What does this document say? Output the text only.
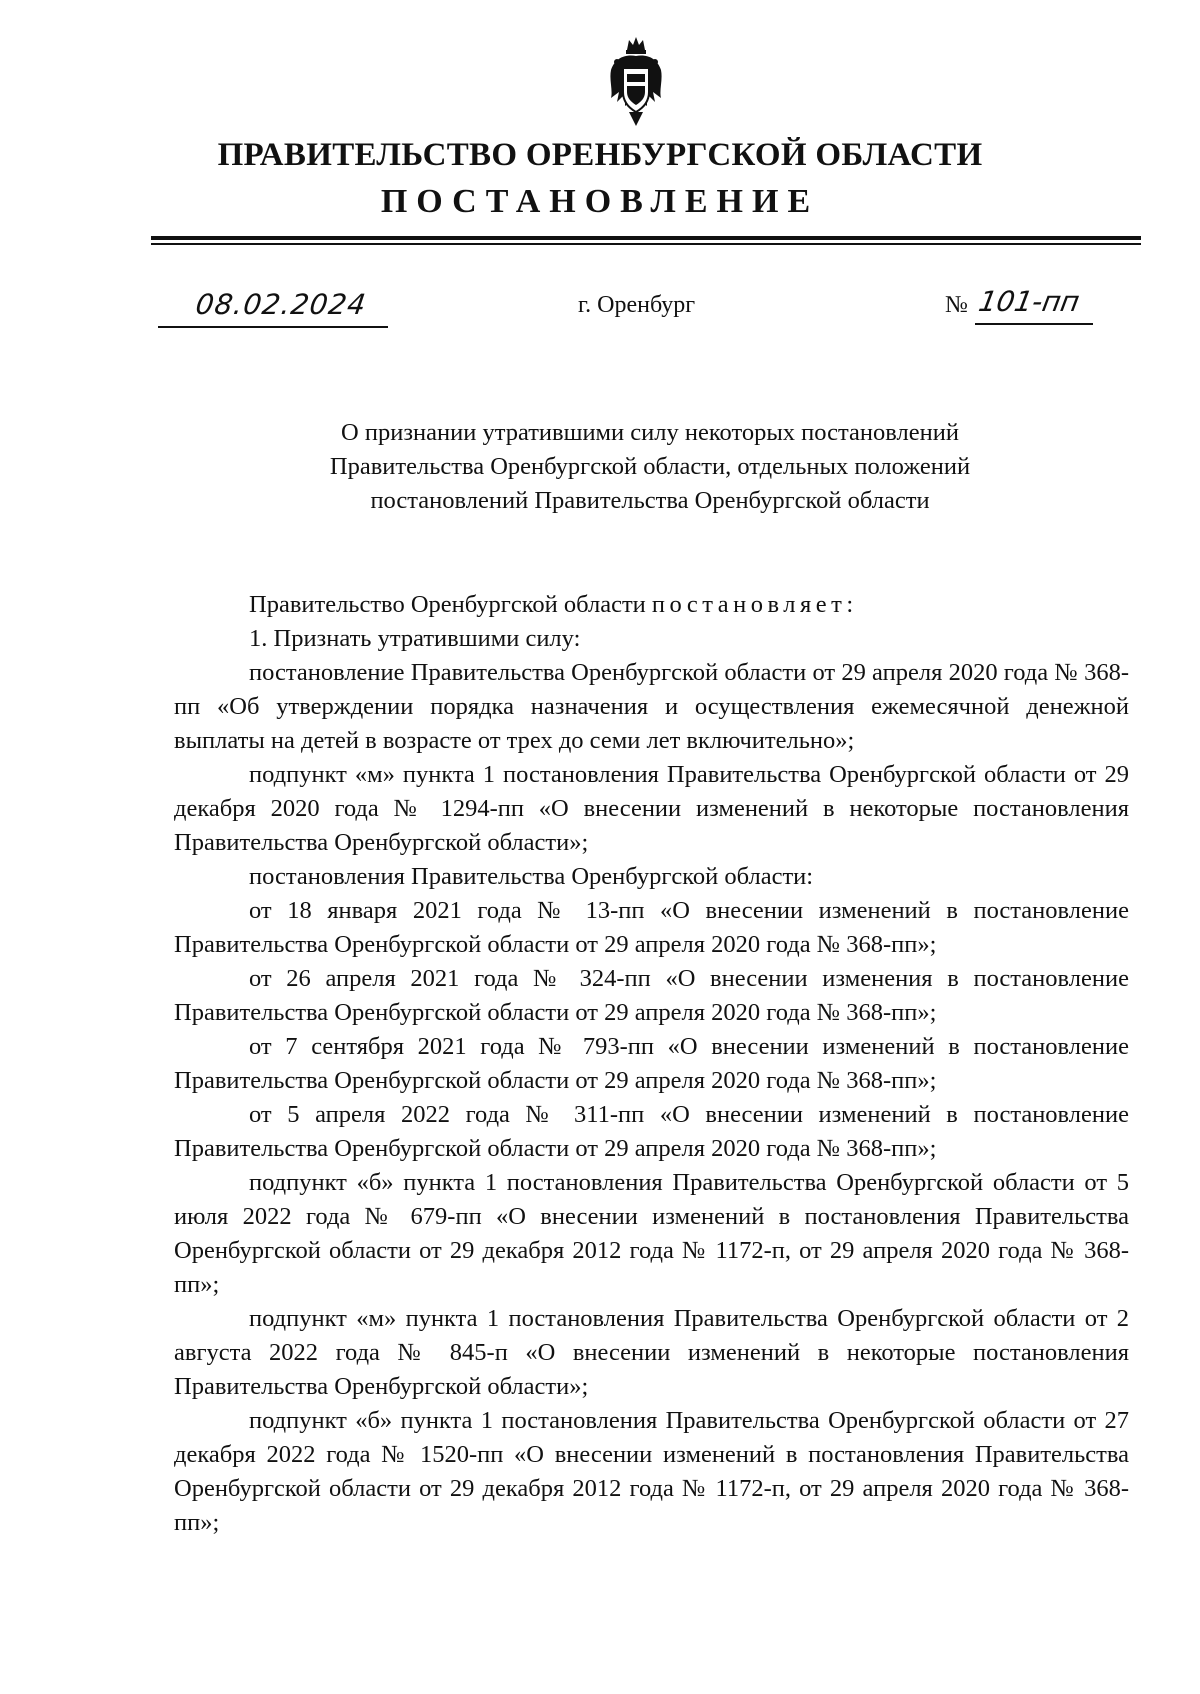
ПРАВИТЕЛЬСТВО ОРЕНБУРГСКОЙ ОБЛАСТИ
ПОСТАНОВЛЕНИЕ
08.02.2024	г. Оренбург	№ 101-пп
О признании утратившими силу некоторых постановлений
Правительства Оренбургской области, отдельных положений
постановлений Правительства Оренбургской области

Правительство Оренбургской области постановляет:

1. Признать утратившими силу:

постановление Правительства Оренбургской области от 29 апреля 2020 года № 368-пп «Об утверждении порядка назначения и осуществления ежемесячной денежной выплаты на детей в возрасте от трех до семи лет включительно»;

подпункт «м» пункта 1 постановления Правительства Оренбургской области от 29 декабря 2020 года № 1294-пп «О внесении изменений в некоторые постановления Правительства Оренбургской области»;

постановления Правительства Оренбургской области:

от 18 января 2021 года № 13-пп «О внесении изменений в постановление Правительства Оренбургской области от 29 апреля 2020 года № 368-пп»;

от 26 апреля 2021 года № 324-пп «О внесении изменения в постановление Правительства Оренбургской области от 29 апреля 2020 года № 368-пп»;

от 7 сентября 2021 года № 793-пп «О внесении изменений в постановление Правительства Оренбургской области от 29 апреля 2020 года № 368-пп»;

от 5 апреля 2022 года № 311-пп «О внесении изменений в постановление Правительства Оренбургской области от 29 апреля 2020 года № 368-пп»;

подпункт «б» пункта 1 постановления Правительства Оренбургской области от 5 июля 2022 года № 679-пп «О внесении изменений в постановления Правительства Оренбургской области от 29 декабря 2012 года № 1172-п, от 29 апреля 2020 года № 368-пп»;

подпункт «м» пункта 1 постановления Правительства Оренбургской области от 2 августа 2022 года № 845-п «О внесении изменений в некоторые постановления Правительства Оренбургской области»;

подпункт «б» пункта 1 постановления Правительства Оренбургской области от 27 декабря 2022 года № 1520-пп «О внесении изменений в постановления Правительства Оренбургской области от 29 декабря 2012 года № 1172-п, от 29 апреля 2020 года № 368-пп»;
